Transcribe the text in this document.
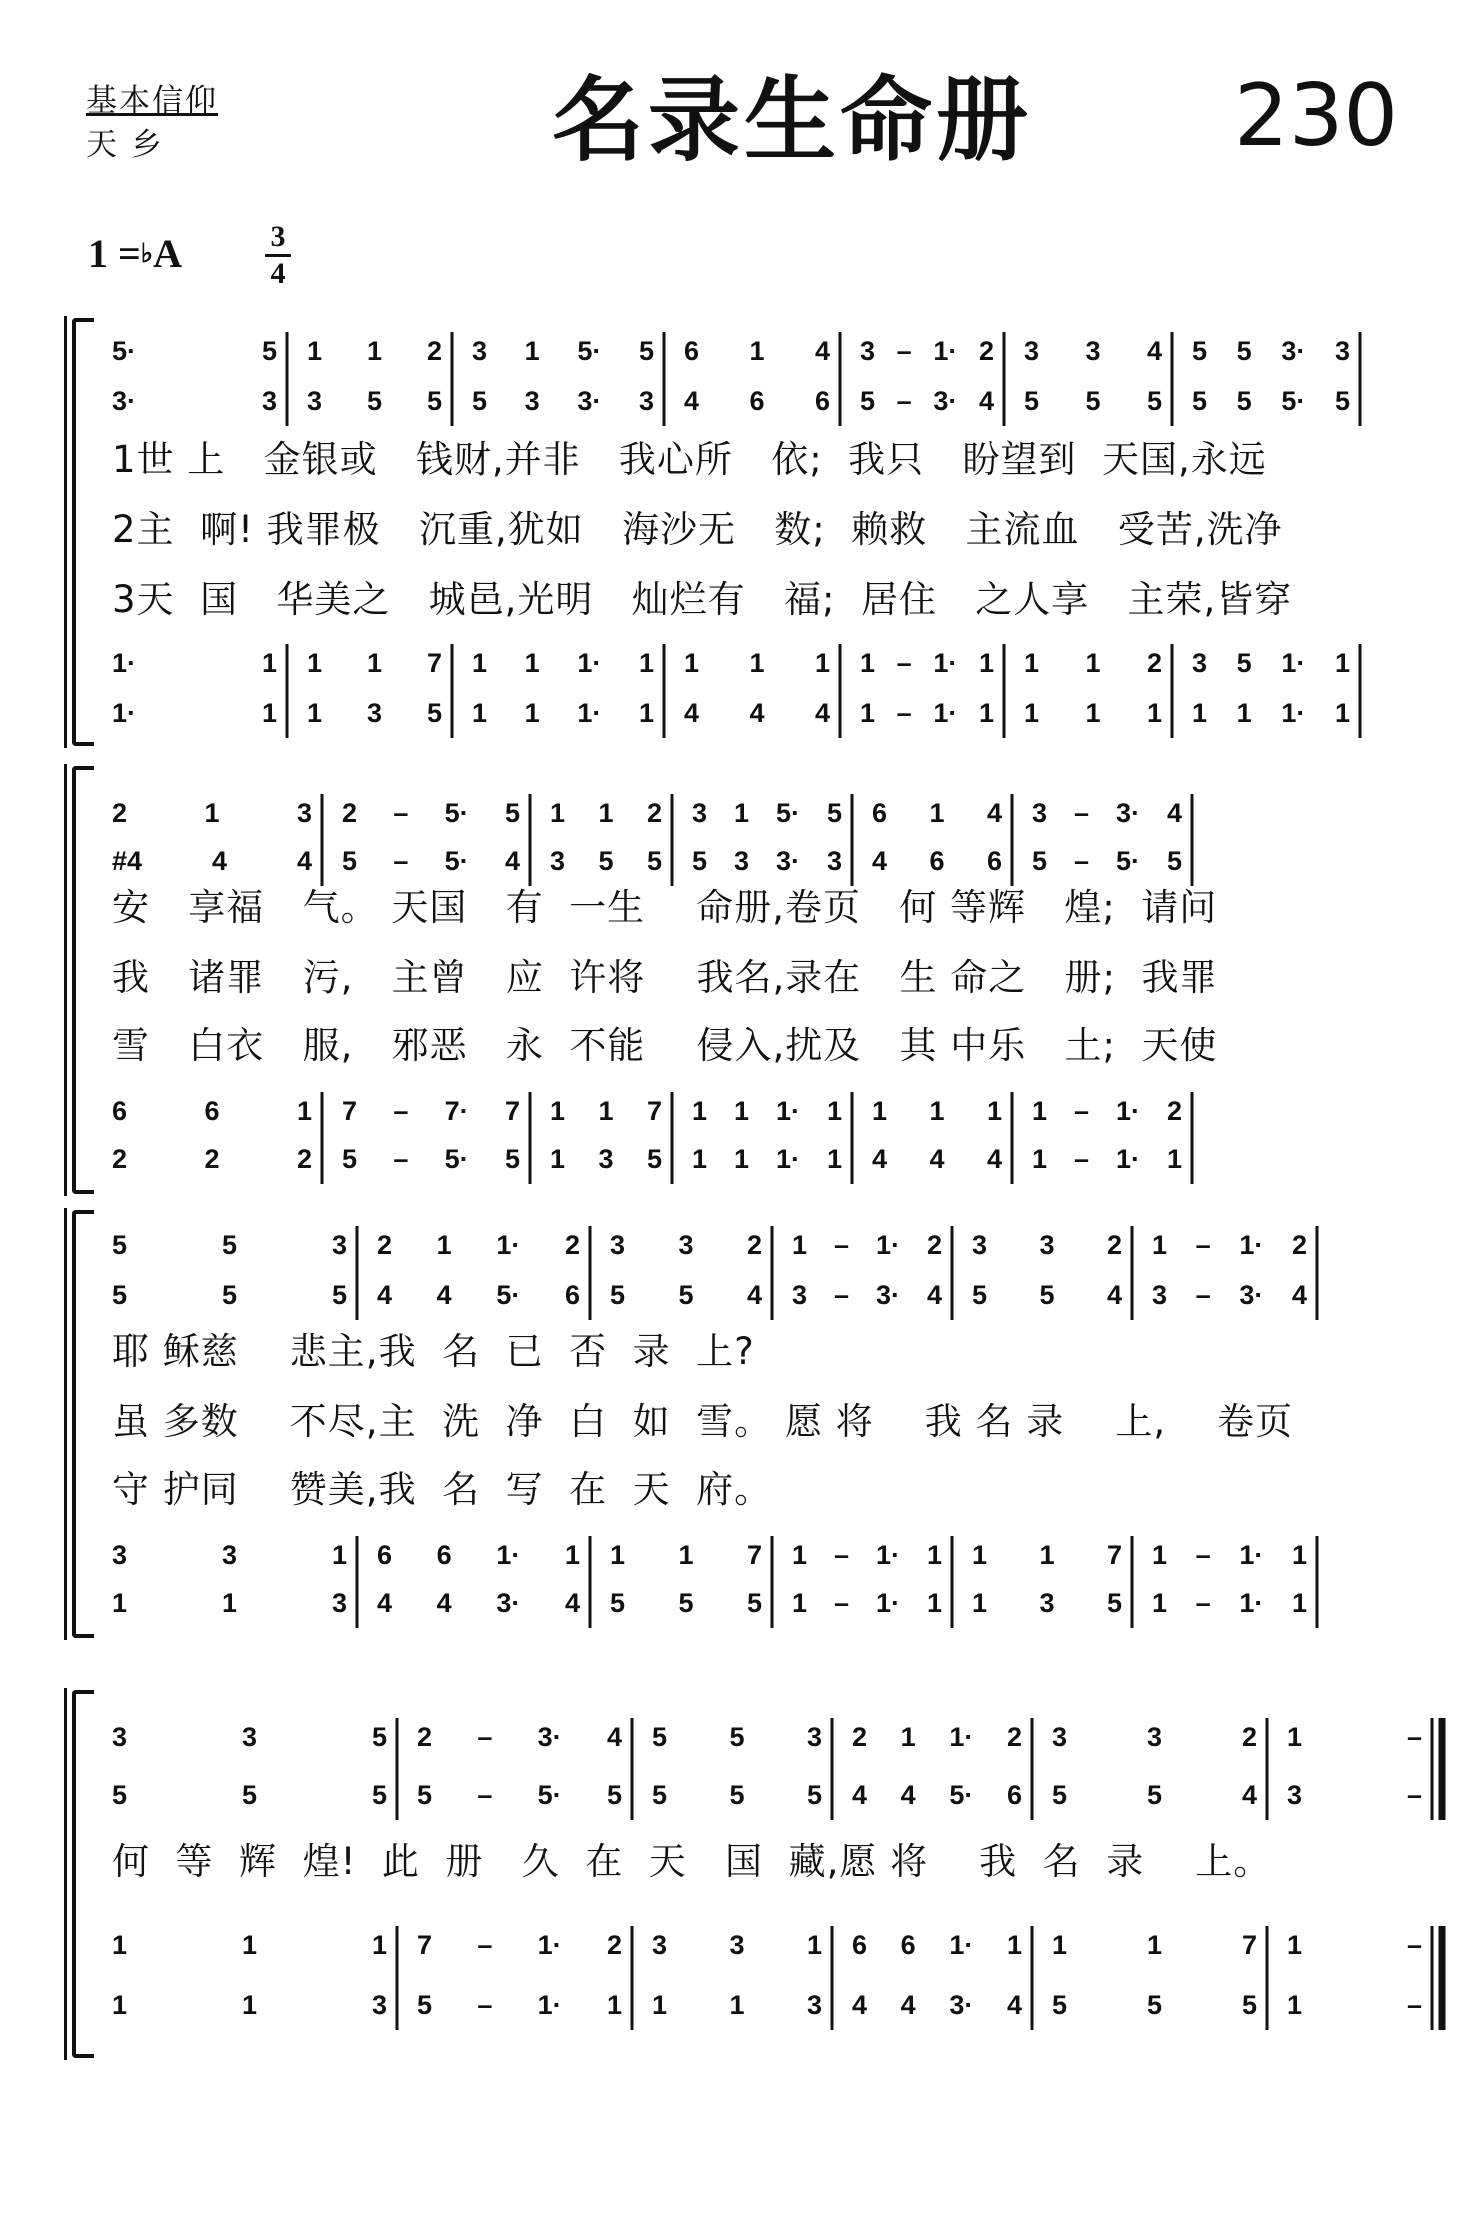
基本信仰
天 乡	名录生命册 230
1 =♭A	3
4
5·	5 1 1 2 3 1 5· 5 6 1 4 3 – 1· 2 3 3 4 5 5 3· 3
3·	3 3 5 5 5 3 3· 3 4 6 6 5 – 3· 4 5 5 5 5 5 5· 5
1·	1 1 1 7 1 1 1· 1 1 1 1 1 – 1· 1 1 1 2 3 5 1· 1
1·	1 1 3 5 1 1 1· 1 4 4 4 1 – 1· 1 1 1 1 1 1 1· 1
1世 上   金银或   钱财,并非   我心所   依;  我只   盼望到  天国,永远
2主  啊! 我罪极   沉重,犹如   海沙无   数;  赖救   主流血   受苦,洗净
3天  国   华美之   城邑,光明   灿烂有   福;  居住   之人享   主荣,皆穿
2	1	3 2 – 5· 5 1 1 2 3 1 5· 5 6 1 4 3 – 3· 4
#4	4	4 5 – 5· 4 3 5 5 5 3 3· 3 4 6 6 5 – 5· 5
6	6	1 7 – 7· 7 1 1 7 1 1 1· 1 1 1 1 1 – 1· 2
2	2	2 5 – 5· 5 1 3 5 1 1 1· 1 4 4 4 1 – 1· 1
安   享福   气。 天国   有  一生    命册,卷页   何 等辉   煌;  请问
我   诸罪   污,   主曾   应  许将    我名,录在   生 命之   册;  我罪
雪   白衣   服,   邪恶   永  不能    侵入,扰及   其 中乐   土;  天使
5	5	3 2 1 1· 2 3 3 2 1 – 1· 2 3 3 2 1 – 1· 2
5	5	5 4 4 5· 6 5 5 4 3 – 3· 4 5 5 4 3 – 3· 4
3	3	1 6 6 1· 1 1 1 7 1 – 1· 1 1 1 7 1 – 1· 1
1	1	3 4 4 3· 4 5 5 5 1 – 1· 1 1 3 5 1 – 1· 1
耶 稣慈    悲主,我  名  已  否  录  上?
虽 多数    不尽,主  洗  净  白  如  雪。 愿 将    我 名 录    上,    卷页
守 护同    赞美,我  名  写  在  天  府。
3	3	5 2 – 3· 4 5 5 3 2 1 1· 2 3	3	2 1	–
5	5	5 5 – 5· 5 5 5 5 4 4 5· 6 5	5	4 3	–
1	1	1 7 – 1· 2 3 3 1 6 6 1· 1 1	1	7 1	–
1	1	3 5 – 1· 1 1 1 3 4 4 3· 4 5	5	5 1	–
何  等  辉  煌!  此  册   久  在  天   国  藏,愿 将    我  名  录    上。
